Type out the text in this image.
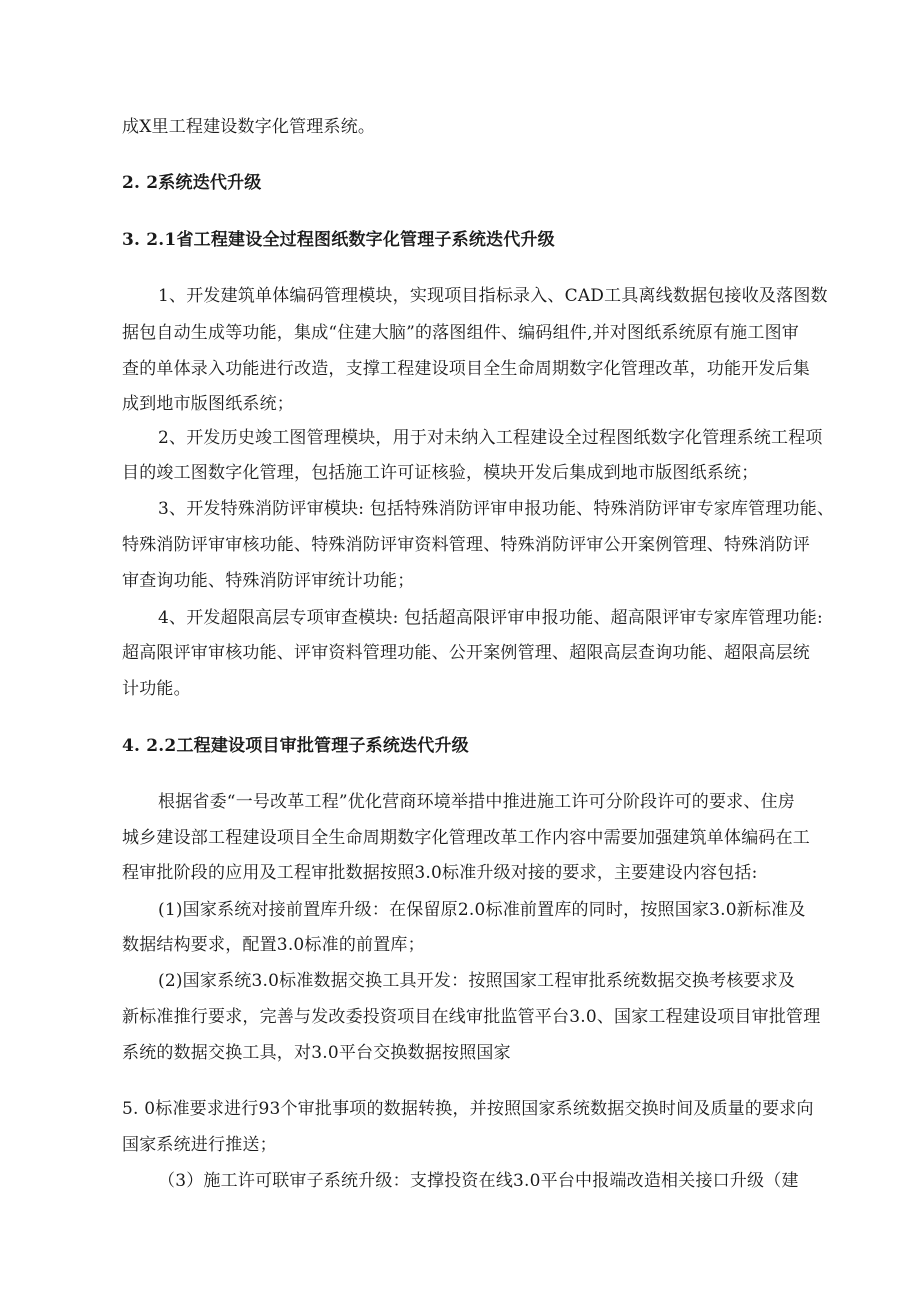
成X里工程建设数字化管理系统。
2. 2系统迭代升级
3. 2.1省工程建设全过程图纸数字化管理子系统迭代升级
1、开发建筑单体编码管理模块，实现项目指标录入、CAD工具离线数据包接收及落图数
据包自动生成等功能，集成“住建大脑”的落图组件、编码组件,并对图纸系统原有施工图审
查的单体录入功能进行改造，支撑工程建设项目全生命周期数字化管理改革，功能开发后集
成到地市版图纸系统；
2、开发历史竣工图管理模块，用于对未纳入工程建设全过程图纸数字化管理系统工程项
目的竣工图数字化管理，包括施工许可证核验，模块开发后集成到地市版图纸系统；
3、开发特殊消防评审模块: 包括特殊消防评审申报功能、特殊消防评审专家库管理功能、
特殊消防评审审核功能、特殊消防评审资料管理、特殊消防评审公开案例管理、特殊消防评
审查询功能、特殊消防评审统计功能；
4、开发超限高层专项审查模块: 包括超高限评审申报功能、超高限评审专家库管理功能:
超高限评审审核功能、评审资料管理功能、公开案例管理、超限高层查询功能、超限高层统
计功能。
4. 2.2工程建设项目审批管理子系统迭代升级
根据省委“一号改革工程”优化营商环境举措中推进施工许可分阶段许可的要求、住房
城乡建设部工程建设项目全生命周期数字化管理改革工作内容中需要加强建筑单体编码在工
程审批阶段的应用及工程审批数据按照3.0标准升级对接的要求，主要建设内容包括:
(1)国家系统对接前置库升级：在保留原2.0标准前置库的同时，按照国家3.0新标准及
数据结构要求，配置3.0标准的前置库；
(2)国家系统3.0标准数据交换工具开发：按照国家工程审批系统数据交换考核要求及
新标准推行要求，完善与发改委投资项目在线审批监管平台3.0、国家工程建设项目审批管理
系统的数据交换工具，对3.0平台交换数据按照国家
5. 0标准要求进行93个审批事项的数据转换，并按照国家系统数据交换时间及质量的要求向
国家系统进行推送；
（3）施工许可联审子系统升级：支撑投资在线3.0平台中报端改造相关接口升级（建
